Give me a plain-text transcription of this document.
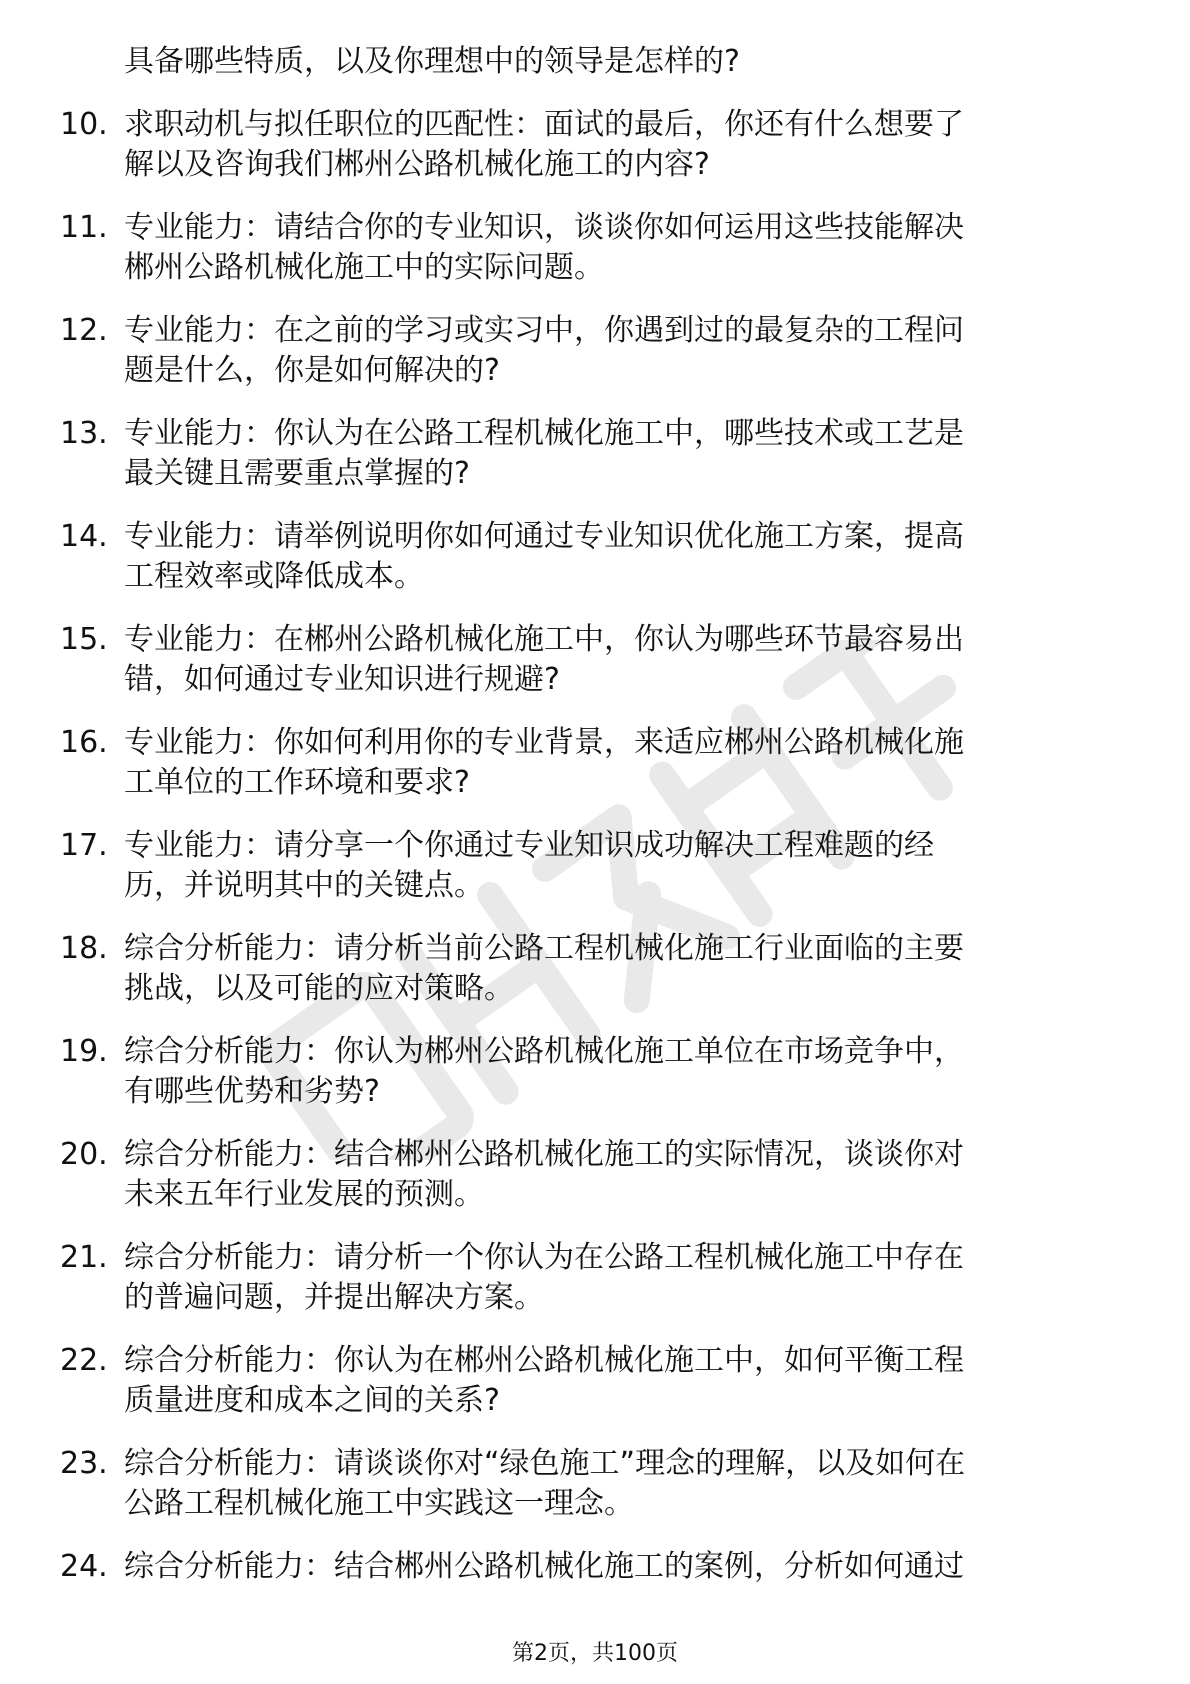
具备哪些特质，以及你理想中的领导是怎样的?
10. 求职动机与拟任职位的匹配性：面试的最后，你还有什么想要了
解以及咨询我们郴州公路机械化施工的内容?
11. 专业能力：请结合你的专业知识，谈谈你如何运用这些技能解决
郴州公路机械化施工中的实际问题。
12. 专业能力：在之前的学习或实习中，你遇到过的最复杂的工程问
题是什么，你是如何解决的?
13. 专业能力：你认为在公路工程机械化施工中，哪些技术或工艺是
最关键且需要重点掌握的?
14. 专业能力：请举例说明你如何通过专业知识优化施工方案，提高
工程效率或降低成本。
15. 专业能力：在郴州公路机械化施工中，你认为哪些环节最容易出
错，如何通过专业知识进行规避?
16. 专业能力：你如何利用你的专业背景，来适应郴州公路机械化施
工单位的工作环境和要求?
17. 专业能力：请分享一个你通过专业知识成功解决工程难题的经
历，并说明其中的关键点。
18. 综合分析能力：请分析当前公路工程机械化施工行业面临的主要
挑战，以及可能的应对策略。
19. 综合分析能力：你认为郴州公路机械化施工单位在市场竞争中，
有哪些优势和劣势?
20. 综合分析能力：结合郴州公路机械化施工的实际情况，谈谈你对
未来五年行业发展的预测。
21. 综合分析能力：请分析一个你认为在公路工程机械化施工中存在
的普遍问题，并提出解决方案。
22. 综合分析能力：你认为在郴州公路机械化施工中，如何平衡工程
质量进度和成本之间的关系?
23. 综合分析能力：请谈谈你对“绿色施工”理念的理解，以及如何在
公路工程机械化施工中实践这一理念。
24. 综合分析能力：结合郴州公路机械化施工的案例，分析如何通过
第2页，共100页
